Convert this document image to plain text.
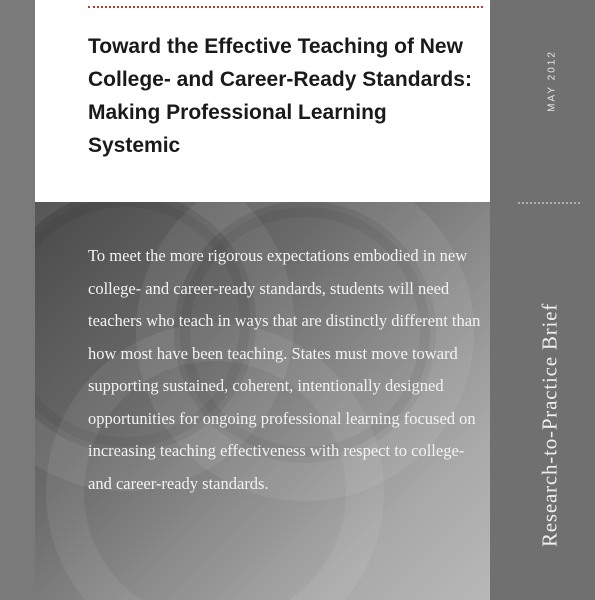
Toward the Effective Teaching of New College- and Career-Ready Standards: Making Professional Learning Systemic

To meet the more rigorous expectations embodied in new college- and career-ready standards, students will need teachers who teach in ways that are distinctly different than how most have been teaching. States must move toward supporting sustained, coherent, intentionally designed opportunities for ongoing professional learning focused on increasing teaching effectiveness with respect to college- and career-ready standards.

MAY 2012
Research-to-Practice Brief
